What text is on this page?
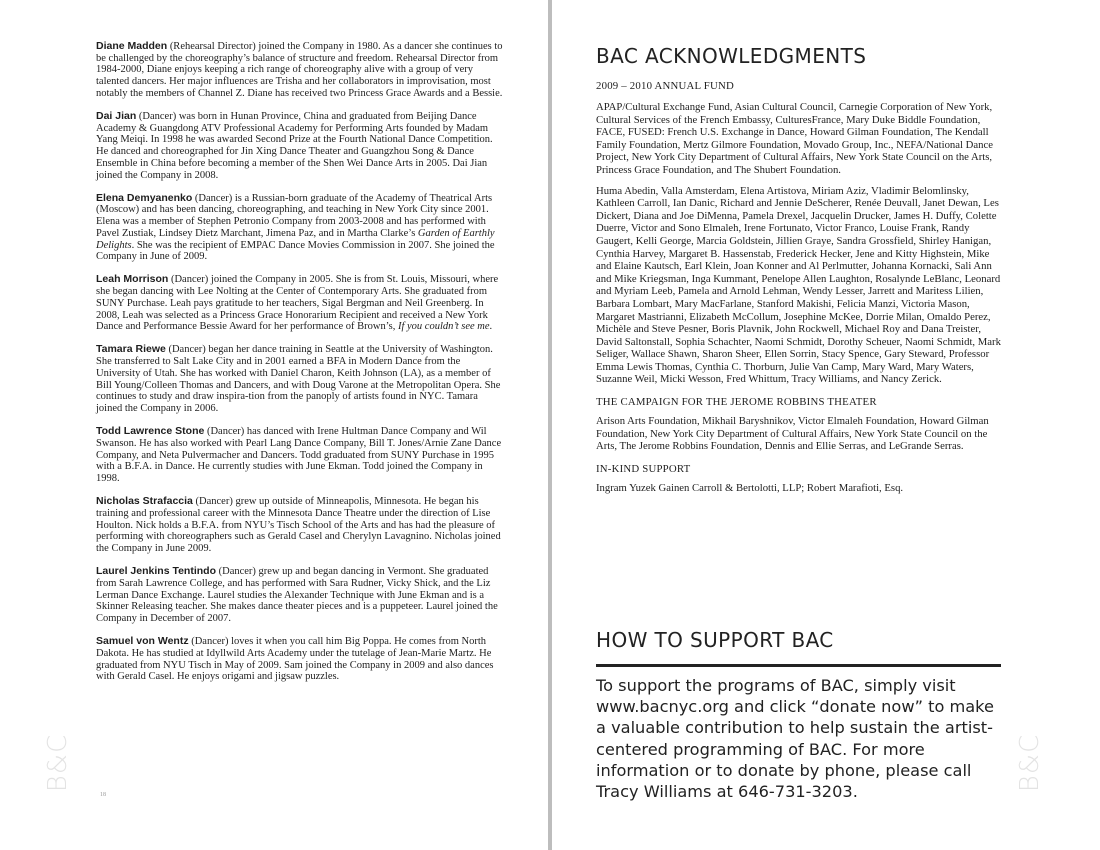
Diane Madden (Rehearsal Director) joined the Company in 1980. As a dancer she continues to be challenged by the choreography’s balance of structure and freedom. Rehearsal Director from 1984-2000, Diane enjoys keeping a rich range of choreography alive with a group of very talented dancers. Her major influences are Trisha and her collaborators in improvisation, most notably the members of Channel Z. Diane has received two Princess Grace Awards and a Bessie.

Dai Jian (Dancer) was born in Hunan Province, China and graduated from Beijing Dance Academy & Guangdong ATV Professional Academy for Performing Arts founded by Madam Yang Meiqi. In 1998 he was awarded Second Prize at the Fourth National Dance Competition. He danced and choreographed for Jin Xing Dance Theater and Guangzhou Song & Dance Ensemble in China before becoming a member of the Shen Wei Dance Arts in 2005. Dai Jian joined the Company in 2008.

Elena Demyanenko (Dancer) is a Russian-born graduate of the Academy of Theatrical Arts (Moscow) and has been dancing, choreographing, and teaching in New York City since 2001. Elena was a member of Stephen Petronio Company from 2003-2008 and has performed with Pavel Zustiak, Lindsey Dietz Marchant, Jimena Paz, and in Martha Clarke’s Garden of Earthly Delights. She was the recipient of EMPAC Dance Movies Commission in 2007. She joined the Company in June of 2009.

Leah Morrison (Dancer) joined the Company in 2005. She is from St. Louis, Missouri, where she began dancing with Lee Nolting at the Center of Contemporary Arts. She graduated from SUNY Purchase. Leah pays gratitude to her teachers, Sigal Bergman and Neil Greenberg. In 2008, Leah was selected as a Princess Grace Honorarium Recipient and received a New York Dance and Performance Bessie Award for her performance of Brown’s, If you couldn’t see me.

Tamara Riewe (Dancer) began her dance training in Seattle at the University of Washington. She transferred to Salt Lake City and in 2001 earned a BFA in Modern Dance from the University of Utah. She has worked with Daniel Charon, Keith Johnson (LA), as a member of Bill Young/Colleen Thomas and Dancers, and with Doug Varone at the Metropolitan Opera. She continues to study and draw inspira-tion from the panoply of artists found in NYC. Tamara joined the Company in 2006.

Todd Lawrence Stone (Dancer) has danced with Irene Hultman Dance Company and Wil Swanson. He has also worked with Pearl Lang Dance Company, Bill T. Jones/Arnie Zane Dance Company, and Neta Pulvermacher and Dancers. Todd graduated from SUNY Purchase in 1995 with a B.F.A. in Dance. He currently studies with June Ekman. Todd joined the Company in 1998.

Nicholas Strafaccia (Dancer) grew up outside of Minneapolis, Minnesota. He began his training and professional career with the Minnesota Dance Theatre under the direction of Lise Houlton. Nick holds a B.F.A. from NYU’s Tisch School of the Arts and has had the pleasure of performing with choreographers such as Gerald Casel and Cherylyn Lavagnino. Nicholas joined the Company in June 2009.

Laurel Jenkins Tentindo (Dancer) grew up and began dancing in Vermont. She graduated from Sarah Lawrence College, and has performed with Sara Rudner, Vicky Shick, and the Liz Lerman Dance Exchange. Laurel studies the Alexander Technique with June Ekman and is a Skinner Releasing teacher. She makes dance theater pieces and is a puppeteer. Laurel joined the Company in December of 2007.

Samuel von Wentz (Dancer) loves it when you call him Big Poppa. He comes from North Dakota. He has studied at Idyllwild Arts Academy under the tutelage of Jean-Marie Martz. He graduated from NYU Tisch in May of 2009. Sam joined the Company in 2009 and also dances with Gerald Casel. He enjoys origami and jigsaw puzzles.

B&C
18
BAC ACKNOWLEDGMENTS

2009 – 2010 ANNUAL FUND

APAP/Cultural Exchange Fund, Asian Cultural Council, Carnegie Corporation of New York, Cultural Services of the French Embassy, CulturesFrance, Mary Duke Biddle Foundation, FACE, FUSED: French U.S. Exchange in Dance, Howard Gilman Foundation, The Kendall Family Foundation, Mertz Gilmore Foundation, Movado Group, Inc., NEFA/National Dance Project, New York City Department of Cultural Affairs, New York State Council on the Arts, Princess Grace Foundation, and The Shubert Foundation.

Huma Abedin, Valla Amsterdam, Elena Artistova, Miriam Aziz, Vladimir Belomlinsky, Kathleen Carroll, Ian Danic, Richard and Jennie DeScherer, Renée Deuvall, Janet Dewan, Les Dickert, Diana and Joe DiMenna, Pamela Drexel, Jacquelin Drucker, James H. Duffy, Colette Duerre, Victor and Sono Elmaleh, Irene Fortunato, Victor Franco, Louise Frank, Randy Gaugert, Kelli George, Marcia Goldstein, Jillien Graye, Sandra Grossfield, Shirley Hanigan, Cynthia Harvey, Margaret B. Hassenstab, Frederick Hecker, Jene and Kitty Highstein, Mike and Elaine Kautsch, Earl Klein, Joan Konner and Al Perlmutter, Johanna Kornacki, Sali Ann and Mike Kriegsman, Inga Kummant, Penelope Allen Laughton, Rosalynde LeBlanc, Leonard and Myriam Leeb, Pamela and Arnold Lehman, Wendy Lesser, Jarrett and Maritess Lilien, Barbara Lombart, Mary MacFarlane, Stanford Makishi, Felicia Manzi, Victoria Mason, Margaret Mastrianni, Elizabeth McCollum, Josephine McKee, Dorrie Milan, Omaldo Perez, Michèle and Steve Pesner, Boris Plavnik, John Rockwell, Michael Roy and Dana Treister, David Saltonstall, Sophia Schachter, Naomi Schmidt, Dorothy Scheuer, Naomi Schmidt, Mark Seliger, Wallace Shawn, Sharon Sheer, Ellen Sorrin, Stacy Spence, Gary Steward, Professor Emma Lewis Thomas, Cynthia C. Thorburn, Julie Van Camp, Mary Ward, Mary Waters, Suzanne Weil, Micki Wesson, Fred Whittum, Tracy Williams, and Nancy Zerick.

THE CAMPAIGN FOR THE JEROME ROBBINS THEATER

Arison Arts Foundation, Mikhail Baryshnikov, Victor Elmaleh Foundation, Howard Gilman Foundation, New York City Department of Cultural Affairs, New York State Council on the Arts, The Jerome Robbins Foundation, Dennis and Ellie Serras, and LeGrande Serras.

IN-KIND SUPPORT

Ingram Yuzek Gainen Carroll & Bertolotti, LLP; Robert Marafioti, Esq.

HOW TO SUPPORT BAC

To support the programs of BAC, simply visit www.bacnyc.org and click “donate now” to make a valuable contribution to help sustain the artist-centered programming of BAC. For more information or to donate by phone, please call Tracy Williams at 646-731-3203.	B&C
